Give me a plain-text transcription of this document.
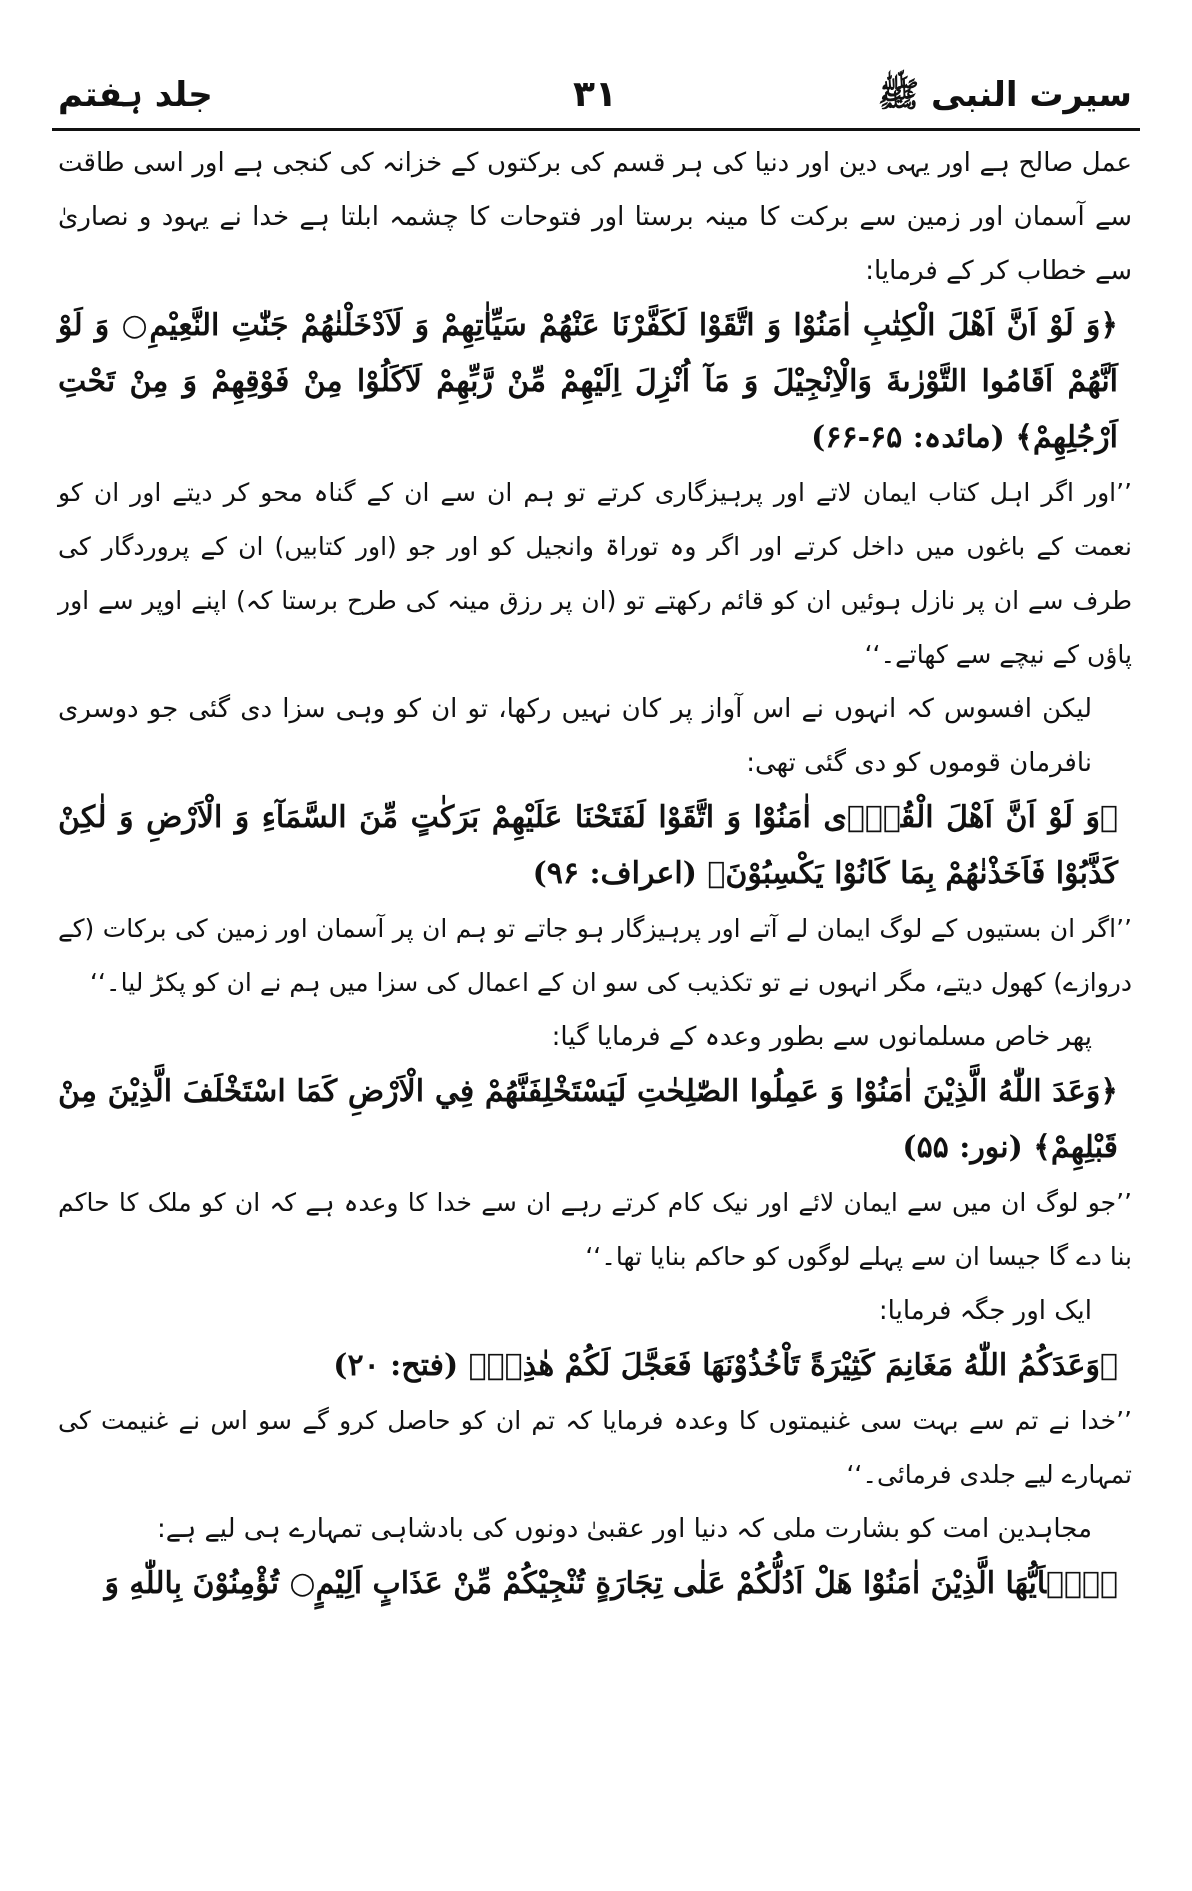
سیرت النبی ﷺ
۳۱
جلد ہفتم

عمل صالح ہے اور یہی دین اور دنیا کی ہر قسم کی برکتوں کے خزانہ کی کنجی ہے اور اسی طاقت سے آسمان اور زمین سے برکت کا مینہ برستا اور فتوحات کا چشمہ ابلتا ہے خدا نے یہود و نصاریٰ سے خطاب کر کے فرمایا:

﴿وَ لَوْ اَنَّ اَهْلَ الْكِتٰبِ اٰمَنُوْا وَ اتَّقَوْا لَكَفَّرْنَا عَنْهُمْ سَيِّاٰتِهِمْ وَ لَاَدْخَلْنٰهُمْ جَنّٰتِ النَّعِيْمِ○ وَ لَوْ اَنَّهُمْ اَقَامُوا التَّوْرٰىةَ وَالْاِنْجِيْلَ وَ مَآ اُنْزِلَ اِلَيْهِمْ مِّنْ رَّبِّهِمْ لَاَكَلُوْا مِنْ فَوْقِهِمْ وَ مِنْ تَحْتِ اَرْجُلِهِمْ﴾ (مائدہ: ۶۵-۶۶)

’’اور اگر اہل کتاب ایمان لاتے اور پرہیزگاری کرتے تو ہم ان سے ان کے گناہ محو کر دیتے اور ان کو نعمت کے باغوں میں داخل کرتے اور اگر وہ توراۃ وانجیل کو اور جو (اور کتابیں) ان کے پروردگار کی طرف سے ان پر نازل ہوئیں ان کو قائم رکھتے تو (ان پر رزق مینہ کی طرح برستا کہ) اپنے اوپر سے اور پاؤں کے نیچے سے کھاتے۔‘‘

لیکن افسوس کہ انہوں نے اس آواز پر کان نہیں رکھا، تو ان کو وہی سزا دی گئی جو دوسری نافرمان قوموں کو دی گئی تھی:

﴿وَ لَوْ اَنَّ اَهْلَ الْقُرٰۤى اٰمَنُوْا وَ اتَّقَوْا لَفَتَحْنَا عَلَيْهِمْ بَرَكٰتٍ مِّنَ السَّمَآءِ وَ الْاَرْضِ وَ لٰكِنْ كَذَّبُوْا فَاَخَذْنٰهُمْ بِمَا كَانُوْا يَكْسِبُوْنَ﴾ (اعراف: ۹۶)

’’اگر ان بستیوں کے لوگ ایمان لے آتے اور پرہیزگار ہو جاتے تو ہم ان پر آسمان اور زمین کی برکات (کے دروازے) کھول دیتے، مگر انہوں نے تو تکذیب کی سو ان کے اعمال کی سزا میں ہم نے ان کو پکڑ لیا۔‘‘

پھر خاص مسلمانوں سے بطور وعدہ کے فرمایا گیا:

﴿وَعَدَ اللّٰهُ الَّذِيْنَ اٰمَنُوْا وَ عَمِلُوا الصّٰلِحٰتِ لَيَسْتَخْلِفَنَّهُمْ فِي الْاَرْضِ كَمَا اسْتَخْلَفَ الَّذِيْنَ مِنْ قَبْلِهِمْ﴾ (نور: ۵۵)

’’جو لوگ ان میں سے ایمان لائے اور نیک کام کرتے رہے ان سے خدا کا وعدہ ہے کہ ان کو ملک کا حاکم بنا دے گا جیسا ان سے پہلے لوگوں کو حاکم بنایا تھا۔‘‘

ایک اور جگہ فرمایا:

﴿وَعَدَكُمُ اللّٰهُ مَغَانِمَ كَثِيْرَةً تَاْخُذُوْنَهَا فَعَجَّلَ لَكُمْ هٰذِهٖ﴾ (فتح: ۲۰)

’’خدا نے تم سے بہت سی غنیمتوں کا وعدہ فرمایا کہ تم ان کو حاصل کرو گے سو اس نے غنیمت کی تمہارے لیے جلدی فرمائی۔‘‘

مجاہدین امت کو بشارت ملی کہ دنیا اور عقبیٰ دونوں کی بادشاہی تمہارے ہی لیے ہے:

﴿يٰۤاَيُّهَا الَّذِيْنَ اٰمَنُوْا هَلْ اَدُلُّكُمْ عَلٰى تِجَارَةٍ تُنْجِيْكُمْ مِّنْ عَذَابٍ اَلِيْمٍ○ تُؤْمِنُوْنَ بِاللّٰهِ وَ
